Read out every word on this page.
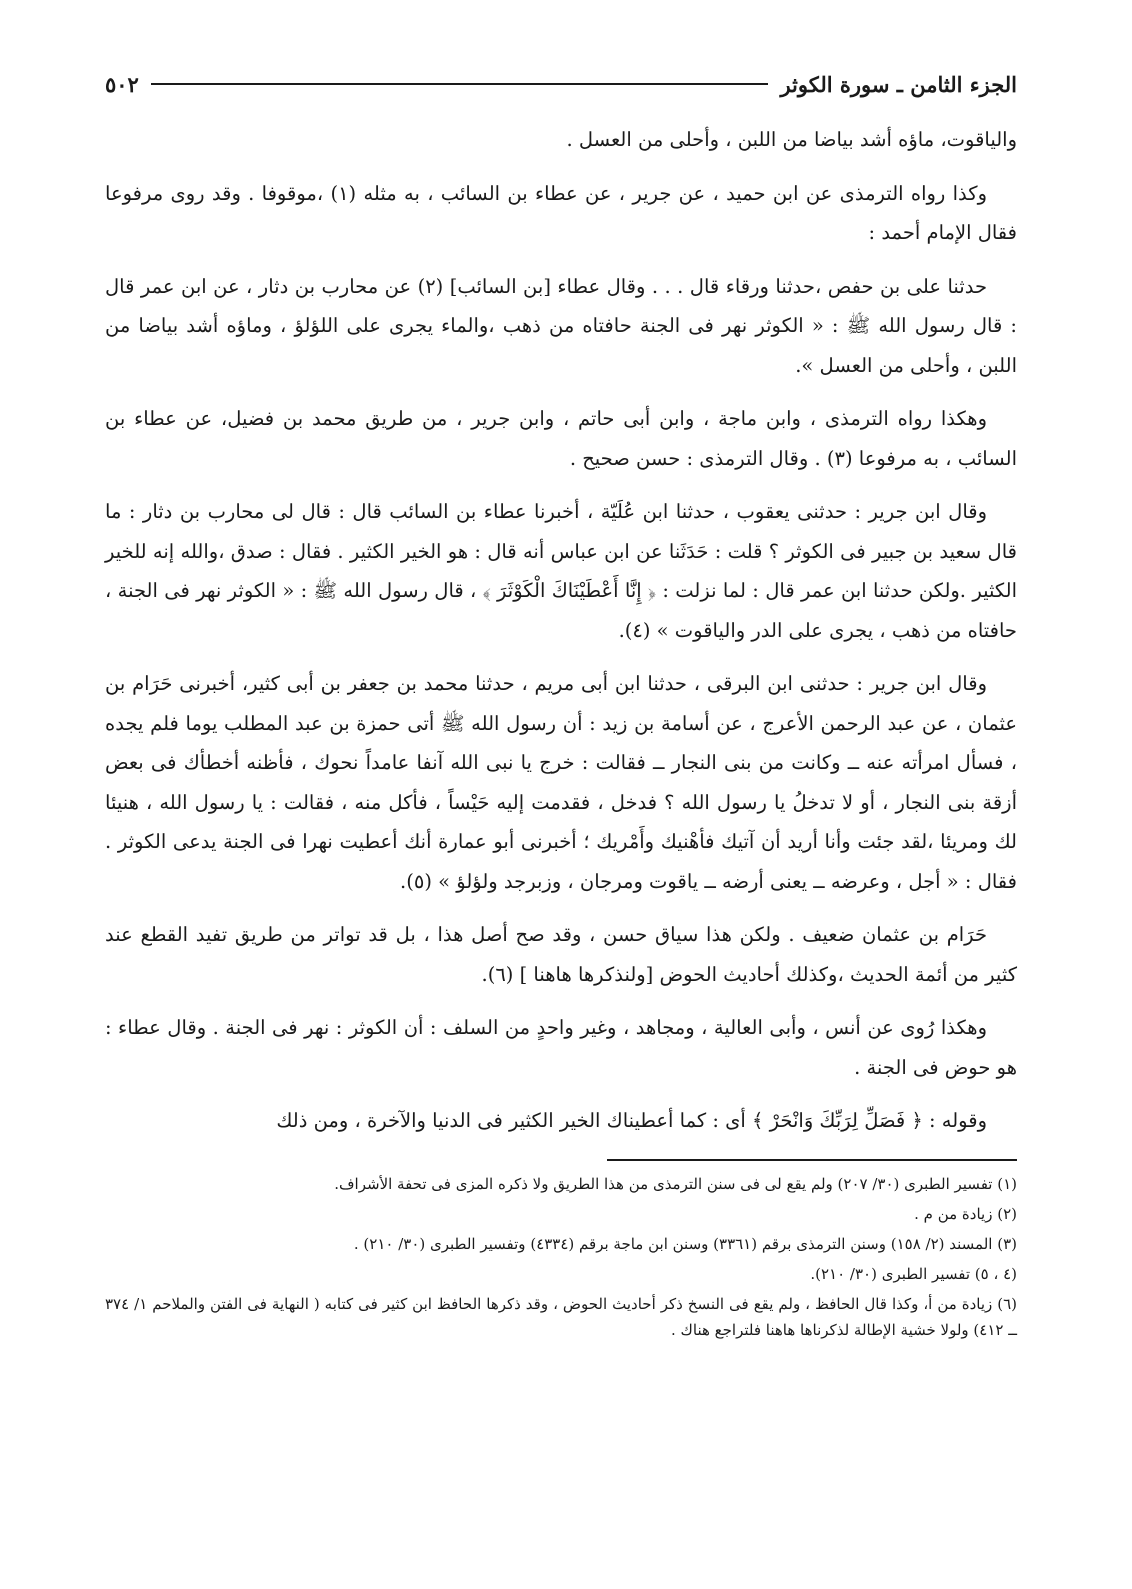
الجزء الثامن ـ سورة الكوثر
٥٠٢

والياقوت، ماؤه أشد بياضا من اللبن ، وأحلى من العسل .

وكذا رواه الترمذى عن ابن حميد ، عن جرير ، عن عطاء بن السائب ، به مثله (١) ،موقوفا . وقد روى مرفوعا فقال الإمام أحمد :

حدثنا على بن حفص ،حدثنا ورقاء قال . . . وقال عطاء [بن السائب] (٢) عن محارب بن دثار ، عن ابن عمر قال : قال رسول الله ﷺ : « الكوثر نهر فى الجنة حافتاه من ذهب ،والماء يجرى على اللؤلؤ ، وماؤه أشد بياضا من اللبن ، وأحلى من العسل ».

وهكذا رواه الترمذى ، وابن ماجة ، وابن أبى حاتم ، وابن جرير ، من طريق محمد بن فضيل، عن عطاء بن السائب ، به مرفوعا (٣) . وقال الترمذى : حسن صحيح .

وقال ابن جرير : حدثنى يعقوب ، حدثنا ابن عُلَيّة ، أخبرنا عطاء بن السائب قال : قال لى محارب بن دثار : ما قال سعيد بن جبير فى الكوثر ؟ قلت : حَدَثَنا عن ابن عباس أنه قال : هو الخير الكثير . فقال : صدق ،والله إنه للخير الكثير .ولكن حدثنا ابن عمر قال : لما نزلت : ﴿ إِنَّا أَعْطَيْنَاكَ الْكَوْثَرَ ﴾ ، قال رسول الله ﷺ : « الكوثر نهر فى الجنة ، حافتاه من ذهب ، يجرى على الدر والياقوت » (٤).

وقال ابن جرير : حدثنى ابن البرقى ، حدثنا ابن أبى مريم ، حدثنا محمد بن جعفر بن أبى كثير، أخبرنى حَرَام بن عثمان ، عن عبد الرحمن الأعرج ، عن أسامة بن زيد : أن رسول الله ﷺ أتى حمزة بن عبد المطلب يوما فلم يجده ، فسأل امرأته عنه ــ وكانت من بنى النجار ــ فقالت : خرج يا نبى الله آنفا عامداً نحوك ، فأظنه أخطأك فى بعض أزقة بنى النجار ، أو لا تدخلُ يا رسول الله ؟ فدخل ، فقدمت إليه حَيْساً ، فأكل منه ، فقالت : يا رسول الله ، هنيئا لك ومريئا ،لقد جئت وأنا أريد أن آتيك فأهْنيك وأَمْريك ؛ أخبرنى أبو عمارة أنك أعطيت نهرا فى الجنة يدعى الكوثر . فقال : « أجل ، وعرضه ــ يعنى أرضه ــ ياقوت ومرجان ، وزبرجد ولؤلؤ » (٥).

حَرَام بن عثمان ضعيف . ولكن هذا سياق حسن ، وقد صح أصل هذا ، بل قد تواتر من طريق تفيد القطع عند كثير من أئمة الحديث ،وكذلك أحاديث الحوض [ولنذكرها هاهنا ] (٦).

وهكذا رُوى عن أنس ، وأبى العالية ، ومجاهد ، وغير واحدٍ من السلف : أن الكوثر : نهر فى الجنة . وقال عطاء : هو حوض فى الجنة .

وقوله : ﴿ فَصَلِّ لِرَبِّكَ وَانْحَرْ ﴾ أى : كما أعطيناك الخير الكثير فى الدنيا والآخرة ، ومن ذلك

(١) تفسير الطبرى (٣٠/ ٢٠٧) ولم يقع لى فى سنن الترمذى من هذا الطريق ولا ذكره المزى فى تحفة الأشراف.

(٢) زيادة من م .

(٣) المسند (٢/ ١٥٨) وسنن الترمذى برقم (٣٣٦١) وسنن ابن ماجة برقم (٤٣٣٤) وتفسير الطبرى (٣٠/ ٢١٠) .

(٤ ، ٥) تفسير الطبرى (٣٠/ ٢١٠).

(٦) زيادة من أ، وكذا قال الحافظ ، ولم يقع فى النسخ ذكر أحاديث الحوض ، وقد ذكرها الحافظ ابن كثير فى كتابه ( النهاية فى الفتن والملاحم ١/ ٣٧٤ ــ ٤١٢) ولولا خشية الإطالة لذكرناها هاهنا فلتراجع هناك .
